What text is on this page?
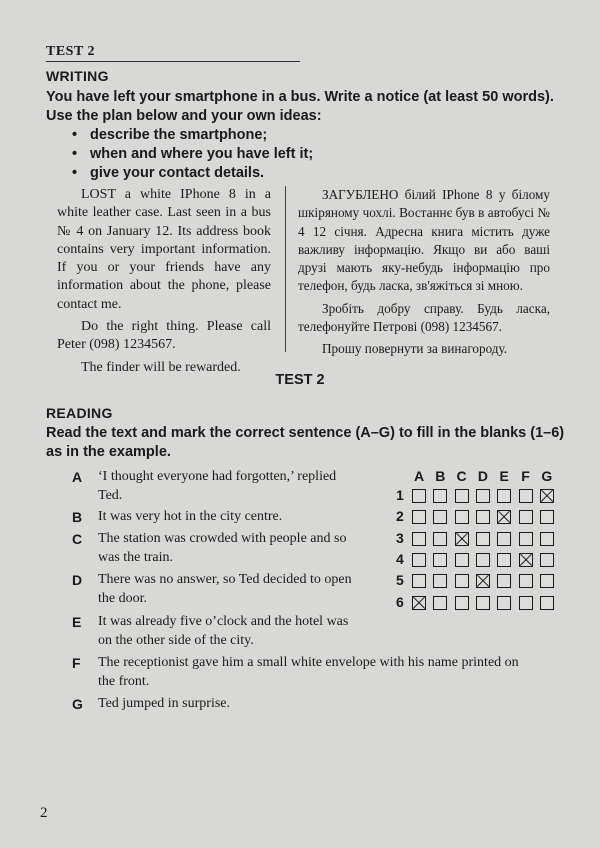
TEST 2
WRITING
You have left your smartphone in a bus. Write a notice (at least 50 words).
Use the plan below and your own ideas:
• describe the smartphone;
• when and where you have left it;
• give your contact details.

LOST a white IPhone 8 in a white leather case. Last seen in a bus № 4 on January 12. Its address book contains very important information. If you or your friends have any information about the phone, please contact me.

Do the right thing. Please call Peter (098) 1234567.

The finder will be rewarded.

ЗАГУБЛЕНО білий IPhone 8 у білому шкіряному чохлі. Востаннє був в автобусі № 4 12 січня. Адресна книга містить дуже важливу інформацію. Якщо ви або ваші друзі мають яку-небудь інформацію про телефон, будь ласка, зв'яжіться зі мною.

Зробіть добру справу. Будь ласка, телефонуйте Петрові (098) 1234567.

Прошу повернути за винагороду.

TEST 2
READING
Read the text and mark the correct sentence (A–G) to fill in the blanks (1–6)
as in the example.
A ‘I thought everyone had forgotten,’ replied
Ted.
B It was very hot in the city centre.
C The station was crowded with people and so
was the train.
D There was no answer, so Ted decided to open
the door.
E It was already five o’clock and the hotel was
on the other side of the city.
F The receptionist gave him a small white envelope with his name printed on
the front.
G Ted jumped in surprise.
A B C D E F G
1
2
3
4
5
6
2
